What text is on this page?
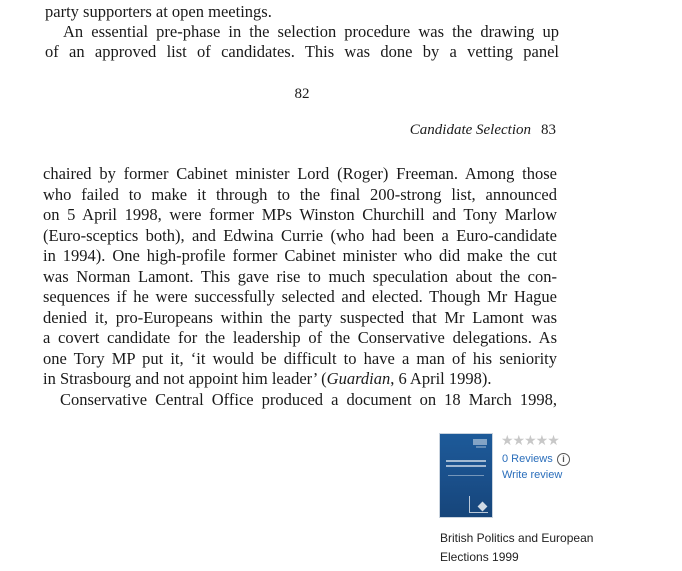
party supporters at open meetings.

An essential pre-phase in the selection procedure was the drawing up

of an approved list of candidates. This was done by a vetting panel

82
Candidate Selection 83

chaired by former Cabinet minister Lord (Roger) Freeman. Among those

who failed to make it through to the final 200-strong list, announced

on 5 April 1998, were former MPs Winston Churchill and Tony Marlow

(Euro-sceptics both), and Edwina Currie (who had been a Euro-candidate

in 1994). One high-profile former Cabinet minister who did make the cut

was Norman Lamont. This gave rise to much speculation about the con-

sequences if he were successfully selected and elected. Though Mr Hague

denied it, pro-Europeans within the party suspected that Mr Lamont was

a covert candidate for the leadership of the Conservative delegations. As

one Tory MP put it, ‘it would be difficult to have a man of his seniority

in Strasbourg and not appoint him leader’ (Guardian, 6 April 1998).

Conservative Central Office produced a document on 18 March 1998,

★★★★★
0 Reviews	i
Write review
British Politics and European Elections 1999
